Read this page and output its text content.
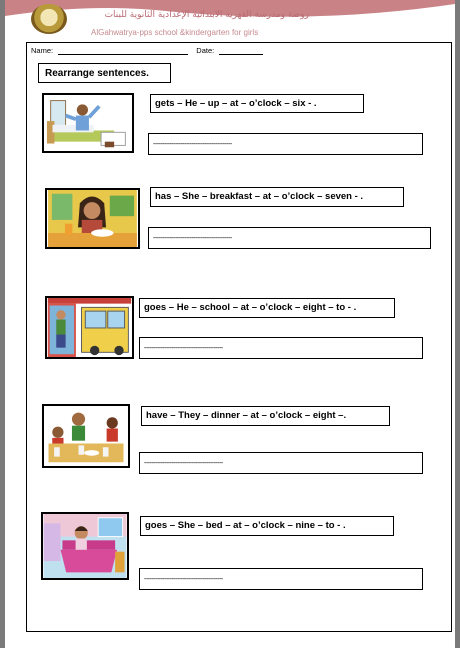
روضة ومدرسة القهرية الابتدائية الإعدادية الثانوية للبنات
AlGahwatrya-pps school &kindergarten for girls
Name:	Date:
Rearrange sentences.
gets – He – up – at – o’clock – six - .
-------------------------------------------
has – She – breakfast – at – o’clock – seven - .
-------------------------------------------
goes – He – school – at – o’clock – eight – to - .
-------------------------------------------
have – They – dinner – at – o’clock – eight –.
-------------------------------------------
goes – She – bed – at – o’clock – nine – to - .
-------------------------------------------
